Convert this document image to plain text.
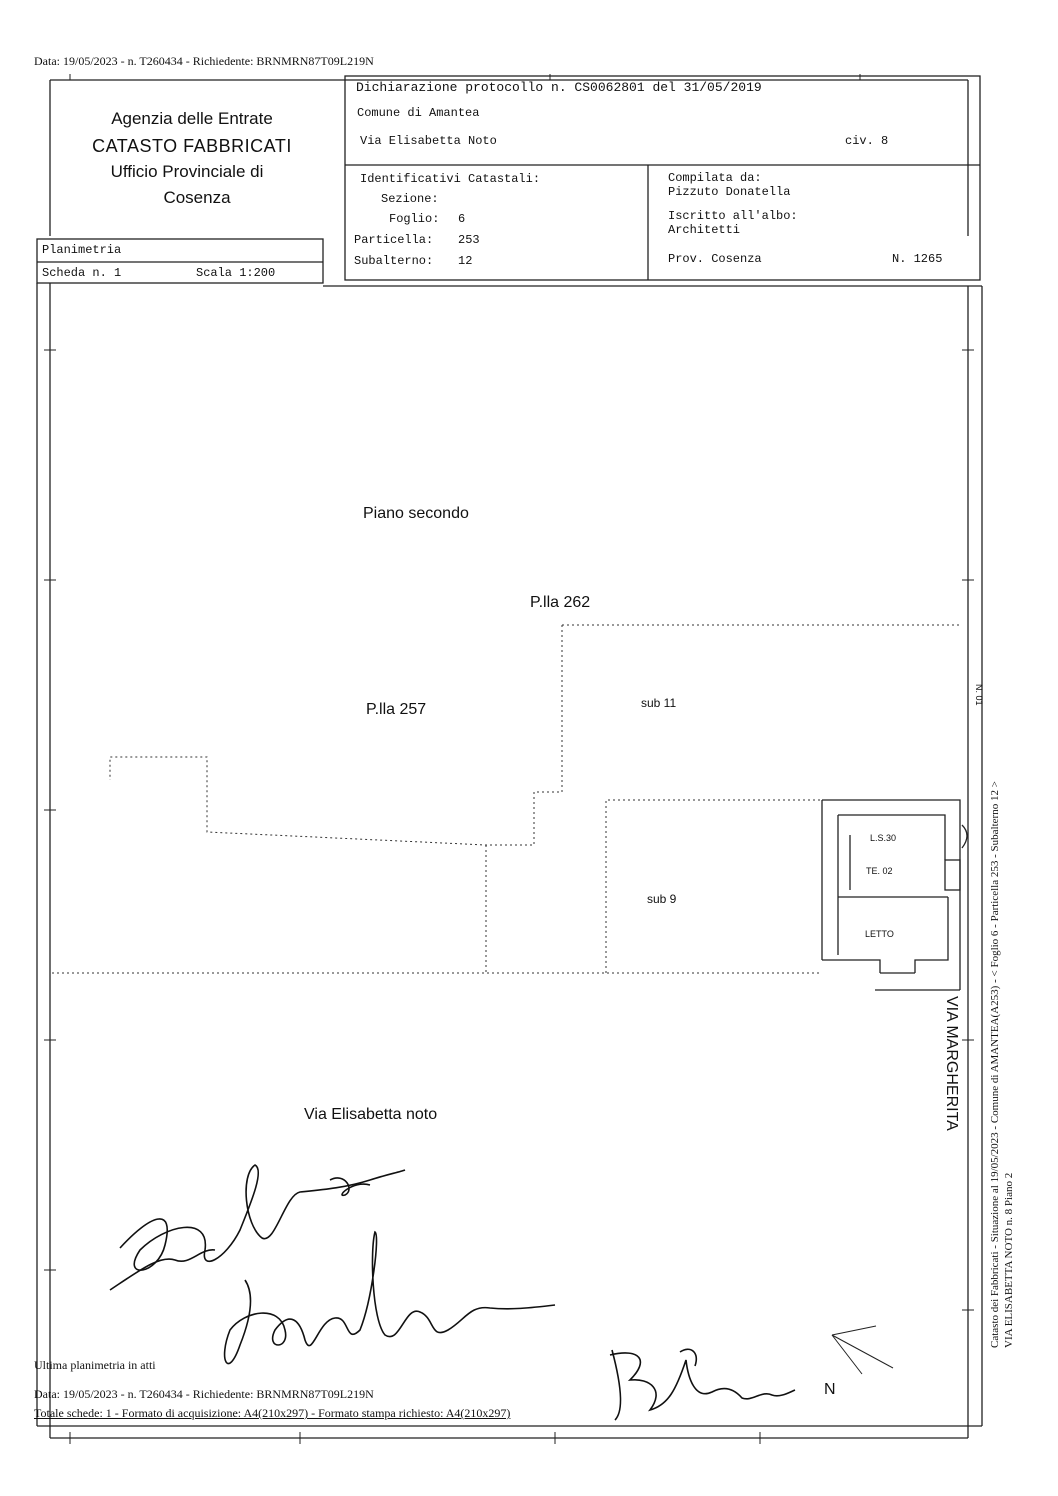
Data: 19/05/2023 - n. T260434 - Richiedente: BRNMRN87T09L219N
Agenzia delle Entrate
CATASTO FABBRICATI
Ufficio Provinciale di
Cosenza
Dichiarazione protocollo n. CS0062801 del 31/05/2019
Comune di Amantea
Via Elisabetta Noto	civ. 8
Identificativi Catastali:
Sezione:
Foglio: 6
Particella: 253
Subalterno: 12
Compilata da:
Pizzuto Donatella
Iscritto all'albo:
Architetti
Prov. Cosenza	N. 1265
Planimetria
Scheda n. 1	Scala 1:200
Piano secondo
P.lla 262
P.lla 257	sub 11
sub 9
L.S.30
TE. 02
LETTO
Via Elisabetta noto
N
VIA MARGHERITA
N. 01
Catasto dei Fabbricati - Situazione al 19/05/2023 - Comune di AMANTEA(A253) - < Foglio 6 - Particella 253 - Subalterno 12 > VIA ELISABETTA NOTO n. 8 Piano 2
Ultima planimetria in atti
Data: 19/05/2023 - n. T260434 - Richiedente: BRNMRN87T09L219N
Totale schede: 1 - Formato di acquisizione: A4(210x297) - Formato stampa richiesto: A4(210x297)
